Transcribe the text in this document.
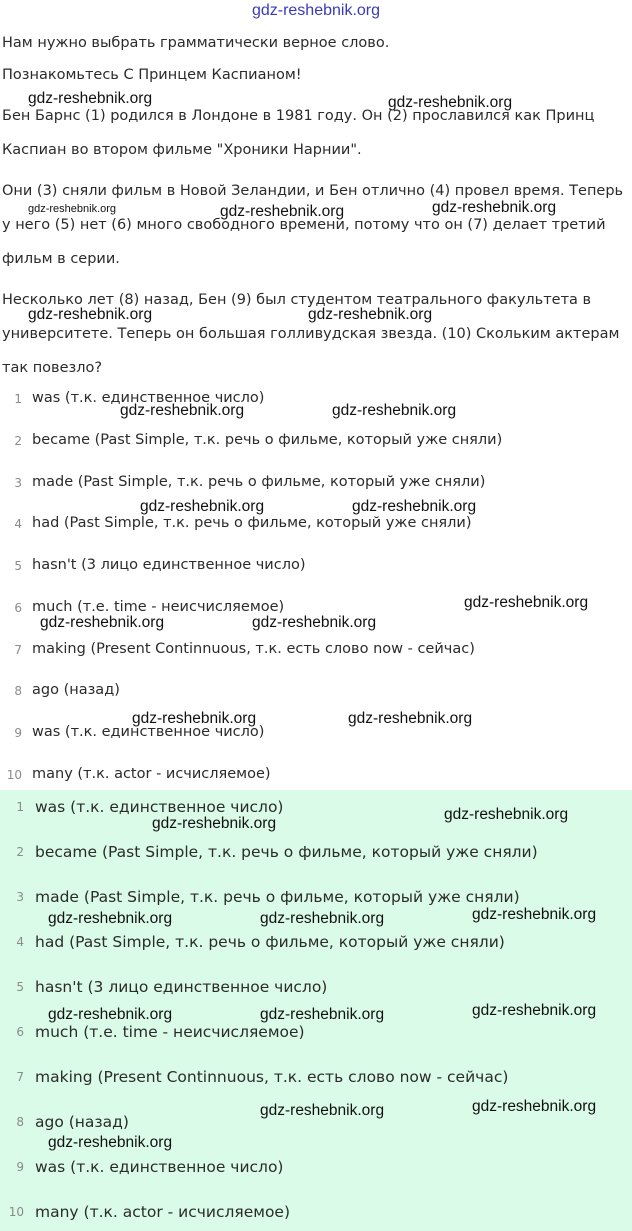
gdz-reshebnik.org

Нам нужно выбрать грамматически верное слово.

Познакомьтесь С Принцем Каспианом!

Бен Барнс (1) родился в Лондоне в 1981 году. Он (2) прославился как Принц

Каспиан во втором фильме "Хроники Нарнии".

Они (3) сняли фильм в Новой Зеландии, и Бен отлично (4) провел время. Теперь

у него (5) нет (6) много свободного времени, потому что он (7) делает третий

фильм в серии.

Несколько лет (8) назад, Бен (9) был студентом театрального факультета в

университете. Теперь он большая голливудская звезда. (10) Скольким актерам

так повезло?

1 was (т.к. единственное число)
2 became (Past Simple, т.к. речь о фильме, который уже сняли)
3 made (Past Simple, т.к. речь о фильме, который уже сняли)
4 had (Past Simple, т.к. речь о фильме, который уже сняли)
5 hasn't (3 лицо единственное число)
6 much (т.е. time - неисчисляемое)
7 making (Present Continnuous, т.к. есть слово now - сейчас)
8 ago (назад)
9 was (т.к. единственное число)
10 many (т.к. actor - исчисляемое)
1 was (т.к. единственное число)
2 became (Past Simple, т.к. речь о фильме, который уже сняли)
3 made (Past Simple, т.к. речь о фильме, который уже сняли)
4 had (Past Simple, т.к. речь о фильме, который уже сняли)
5 hasn't (3 лицо единственное число)
6 much (т.е. time - неисчисляемое)
7 making (Present Continnuous, т.к. есть слово now - сейчас)
8 ago (назад)
9 was (т.к. единственное число)
10 many (т.к. actor - исчисляемое)
gdz-reshebnik.org	gdz-reshebnik.org
gdz-reshebnik.org	gdz-reshebnik.org	gdz-reshebnik.org
gdz-reshebnik.org	gdz-reshebnik.org
gdz-reshebnik.org	gdz-reshebnik.org
gdz-reshebnik.org	gdz-reshebnik.org
gdz-reshebnik.org
gdz-reshebnik.org	gdz-reshebnik.org
gdz-reshebnik.org	gdz-reshebnik.org
gdz-reshebnik.org
gdz-reshebnik.org
gdz-reshebnik.org
gdz-reshebnik.org	gdz-reshebnik.org
gdz-reshebnik.org
gdz-reshebnik.org	gdz-reshebnik.org
gdz-reshebnik.org
gdz-reshebnik.org
gdz-reshebnik.org
